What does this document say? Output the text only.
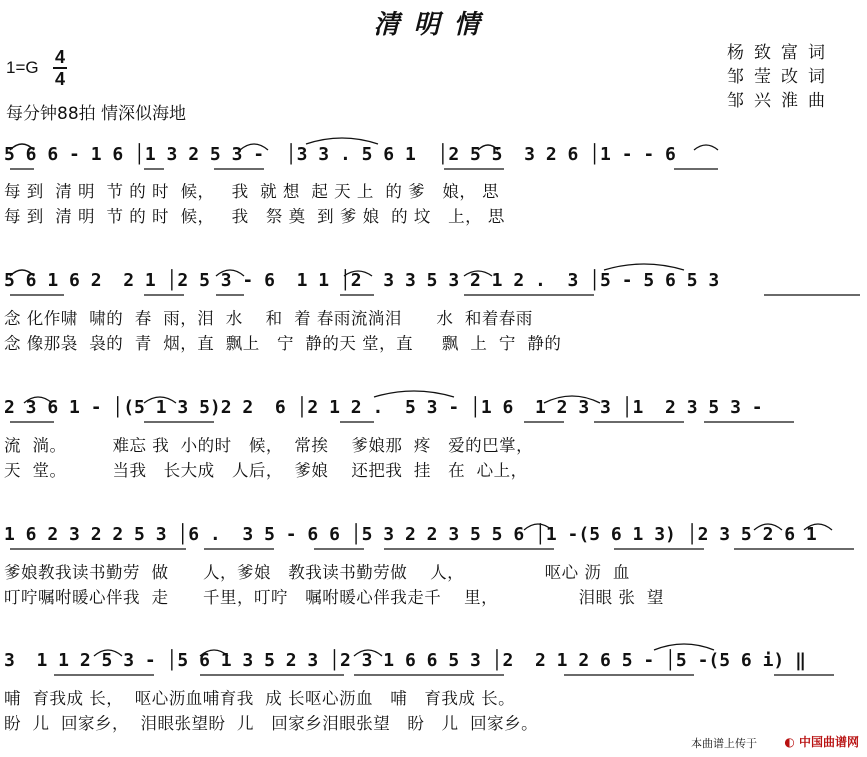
清明情
1=G
4
4
每分钟88拍 情深似海地
杨致富词
邹莹改词
邹兴淮曲
5 6 6 - 1 6 │1 3 2 5 3 -  │3 3 . 5 6 1  │2 5 5  3 2 6 │1 - - 6
每 到  清 明  节 的 时  候，   我  就 想  起 天 上  的 爹   娘， 思
每 到  清 明  节 的 时  候，   我   祭 奠  到 爹 娘  的 坟   上， 思
5 6 1 6 2  2 1 │2 5 3 - 6  1 1 │2  3 3 5 3 2 1 2 .  3 │5 - 5 6 5 3
念 化作啸  啸的  春  雨，泪  水    和  着 春雨流淌泪      水  和着春雨
念 像那袅  袅的  青  烟，直  飘上   宁  静的天 堂，直     飘  上  宁  静的
2 3 6 1 - │(5 1 3 5)2 2  6 │2 1 2 .  5 3 - │1 6  1 2 3 3 │1  2 3 5 3 -
流  淌。        难忘 我  小的时   候，  常挨    爹娘那  疼   爱的巴掌，
天  堂。        当我   长大成   人后，  爹娘    还把我  挂   在  心上，
1 6 2 3 2 2 5 3 │6 .  3 5 - 6 6 │5 3 2 2 3 5 5 6 │1 -(5 6 1 3) │2 3 5 2 6 1
爹娘教我读书勤劳  做      人，爹娘   教我读书勤劳做    人，              呕心 沥  血
叮咛嘱咐暖心伴我  走      千里，叮咛   嘱咐暖心伴我走千    里，              泪眼 张  望
3  1 1 2 5 3 - │5 6 1 3 5 2 3 │2 3 1 6 6 5 3 │2  2 1 2 6 5 - │5 -(5 6 i) ‖
哺  育我成 长，  呕心沥血哺育我  成 长呕心沥血   哺   育我成 长。
盼  儿  回家乡，  泪眼张望盼  儿   回家乡泪眼张望   盼   儿  回家乡。
本曲谱上传于 ◐ 中国曲谱网
